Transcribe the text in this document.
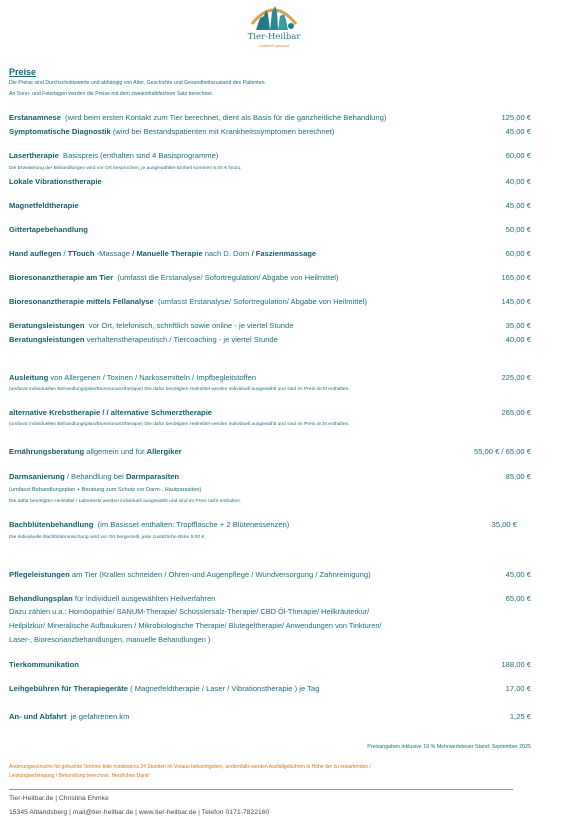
Tier-Heilbar
natürlich gesund
Preise
Die Preise sind Durchschnittswerte und abhängig von Alter, Geschichte und Gesundheitszustand des Patienten.
An Sonn- und Feiertagen werden die Preise mit dem zweieinhalbfachem Satz berechnet.
Erstanamnese (wird beim ersten Kontakt zum Tier berechnet, dient als Basis für die ganzheitliche Behandlung)	125,00 €
Symptomatische Diagnostik (wird bei Bestandspatienten mit Krankheitssymptomen berechnet)	45,00 €
Lasertherapie Basispreis (enthalten sind 4 Basisprogramme)	60,00 €
Die Erweiterung der Behandlungen wird vor Ort besprochen, je ausgewählter Einheit kommen 5,00 € hinzu.
Lokale Vibrationstherapie	40,00 €
Magnetfeldtherapie	45,00 €
Gittertapebehandlung	50,00 €
Hand auflegen / TTouch -Massage / Manuelle Therapie nach D. Dorn / Faszienmassage	60,00 €
Bioresonanztherapie am Tier (umfasst die Erstanalyse/ Sofortregulation/ Abgabe von Heilmittel)	165,00 €
Bioresonanztherapie mittels Fellanalyse (umfasst Erstanalyse/ Sofortregulation/ Abgabe von Heilmittel)	145,00 €
Beratungsleistungen vor Ort, telefonisch, schriftlich sowie online - je viertel Stunde	35,00 €
Beratungsleistungen verhaltenstherapeutisch / Tiercoaching - je viertel Stunde	40,00 €
Ausleitung von Allergenen / Toxinen / Narkosemitteln / Impfbegleitstoffen	225,00 €
(umfasst individuellen Behandlungsplan/Bioresonanztherapie) Die dafür benötigten Heilmittel werden individuell ausgewählt und sind im Preis nicht enthalten.
alternative Krebstherapie / / alternative Schmerztherapie	265,00 €
(umfasst individuellen Behandlungsplan/Bioresonanztherapie) Die dafür benötigten Heilmittel werden individuell ausgewählt und sind im Preis nicht enthalten.
Ernährungsberatung allgemein und für Allergiker	55,00 € / 65,00 €
Darmsanierung / Behandlung bei Darmparasiten	85,00 €
(umfasst Behandlungsplan + Beratung zum Schutz vor Darm-, Hautparasiten)
Die dafür benötigten Heilmittel / Labortests werden individuell ausgewählt und sind im Preis nicht enthalten.
Bachblütenbehandlung (im Basisset enthalten: Tropfflasche + 2 Blütenessenzen)	35,00 €
Die individuelle Bachblütenmischung wird vor Ort hergestellt, jede zusätzliche Blüte 5,00 €
Pflegeleistungen am Tier (Krallen schneiden / Ohren-und Augenpflege / Wundversorgung / Zahnreinigung)	45,00 €
Behandlungsplan für individuell ausgewählten Heilverfahren	65,00 €
Dazu zählen u.a.: Homöopathie/ SANUM-Therapie/ Schüsslersalz-Therapie/ CBD Öl-Therapie/ Heilkräuterkur/
Heilpilzkur/ Mineralische Aufbaukuren / Mikrobiologische Therapie/ Blutegeltherapie/ Anwendungen von Tinkturen/
Laser-, Bioresonanzbehandlungen, manuelle Behandlungen )
Tierkommunikation	188,00 €
Leihgebühren für Therapiegeräte ( Magnetfeldtherapie / Laser / Vibrationstherapie ) je Tag	17,00 €
An- und Abfahrt je gefahrenen km	1,25 €
Preisangaben inklusive 19 % Mehrwertsteuer Stand: September 2025
Änderungswünsche für gebuchte Termine bitte mindestens 24 Stunden im Voraus bekanntgeben, andernfalls werden Ausfallgebühren in Höhe der zu erwartenden /
Leistungserbringung / Behandlung berechnet. Herzlichen Dank!
Tier-Heilbar.de | Christina Ehmke
15345 Altlandsberg | mail@tier-heilbar.de | www.tier-heilbar.de | Telefon 0171-7822160
